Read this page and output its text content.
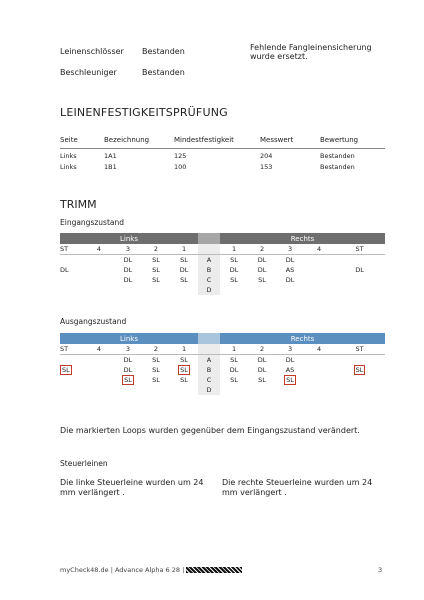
Leinenschlösser Bestanden
Beschleuniger	Bestanden
Fehlende Fangleinensicherung wurde ersetzt.
LEINENFESTIGKEITSPRÜFUNG
Seite	Bezeichnung	Mindestfestigkeit	Messwert	Bewertung
Links	1A1	125	204	Bestanden
Links	1B1	100	153	Bestanden
TRIMM
Eingangszustand
Links						Rechts				
ST	4	3	2	1		1	2	3	4	ST
DL		DL	SL	SL	A	SL	DL	DL		DL
		DL	SL	DL	B	DL	DL	AS		
		DL	SL	SL	C	SL	SL	DL		
					D					
Ausgangszustand
Links						Rechts				
ST	4	3	2	1		1	2	3	4	ST
SL		DL	SL	SL	A	SL	DL	DL		SL
		DL	SL	SL	B	DL	DL	AS		
		SL	SL	SL	C	SL	SL	SL		
					D					
Die markierten Loops wurden gegenüber dem Eingangszustand verändert.
Steuerleinen
Die linke Steuerleine wurden um 24 mm verlängert .
Die rechte Steuerleine wurden um 24 mm verlängert .
myCheck48.de | Advance Alpha 6 28 |	3
